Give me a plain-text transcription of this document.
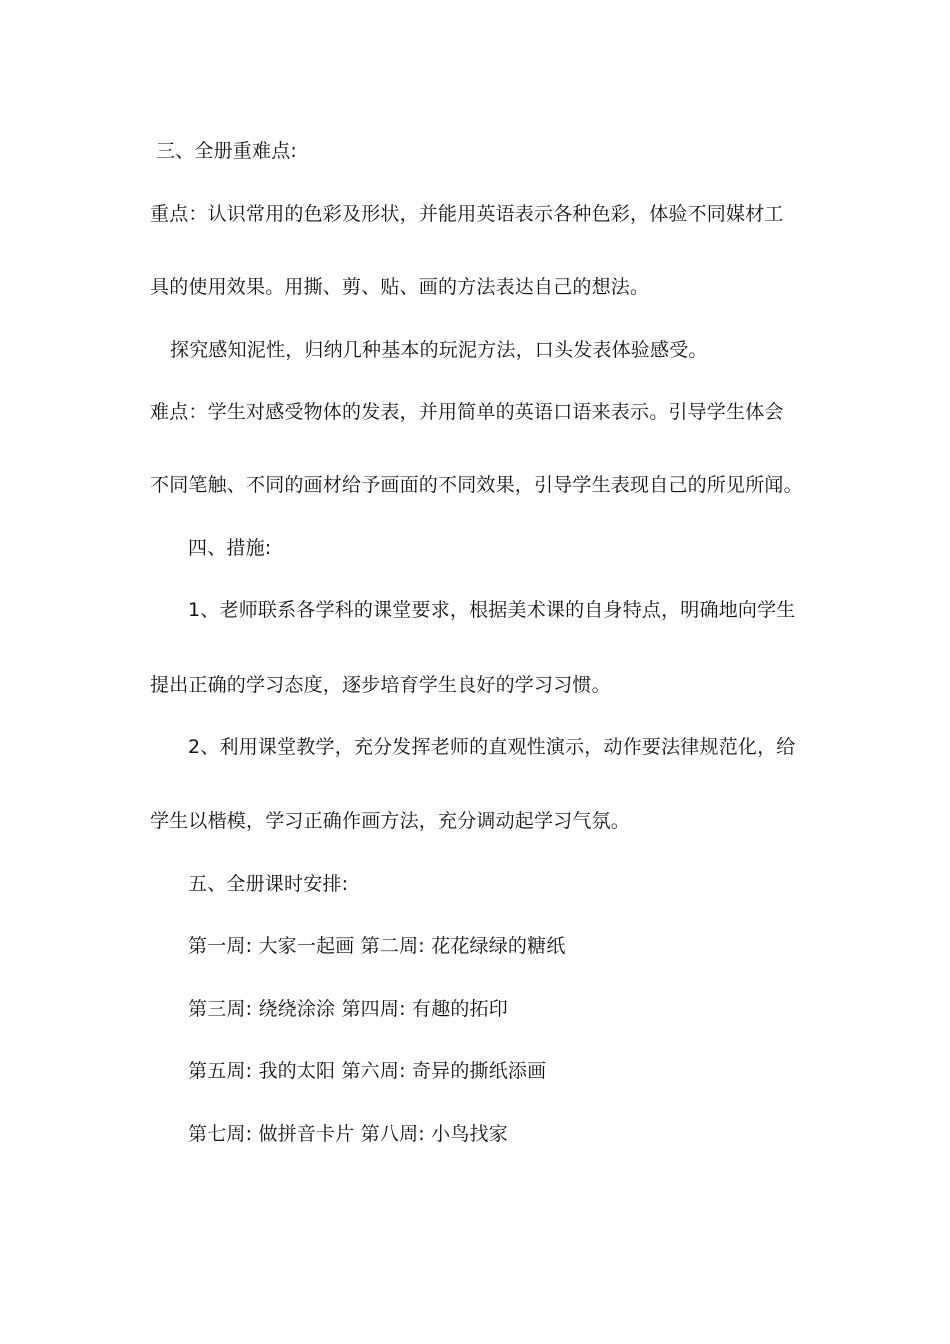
三、全册重难点:
重点：认识常用的色彩及形状，并能用英语表示各种色彩，体验不同媒材工
具的使用效果。用撕、剪、贴、画的方法表达自己的想法。
探究感知泥性，归纳几种基本的玩泥方法，口头发表体验感受。
难点：学生对感受物体的发表，并用简单的英语口语来表示。引导学生体会
不同笔触、不同的画材给予画面的不同效果，引导学生表现自己的所见所闻。
四、措施:
1、老师联系各学科的课堂要求，根据美术课的自身特点，明确地向学生
提出正确的学习态度，逐步培育学生良好的学习习惯。
2、利用课堂教学，充分发挥老师的直观性演示，动作要法律规范化，给
学生以楷模，学习正确作画方法，充分调动起学习气氛。
五、全册课时安排:
第一周: 大家一起画 第二周: 花花绿绿的糖纸
第三周: 绕绕涂涂 第四周: 有趣的拓印
第五周: 我的太阳 第六周: 奇异的撕纸添画
第七周: 做拼音卡片 第八周: 小鸟找家
